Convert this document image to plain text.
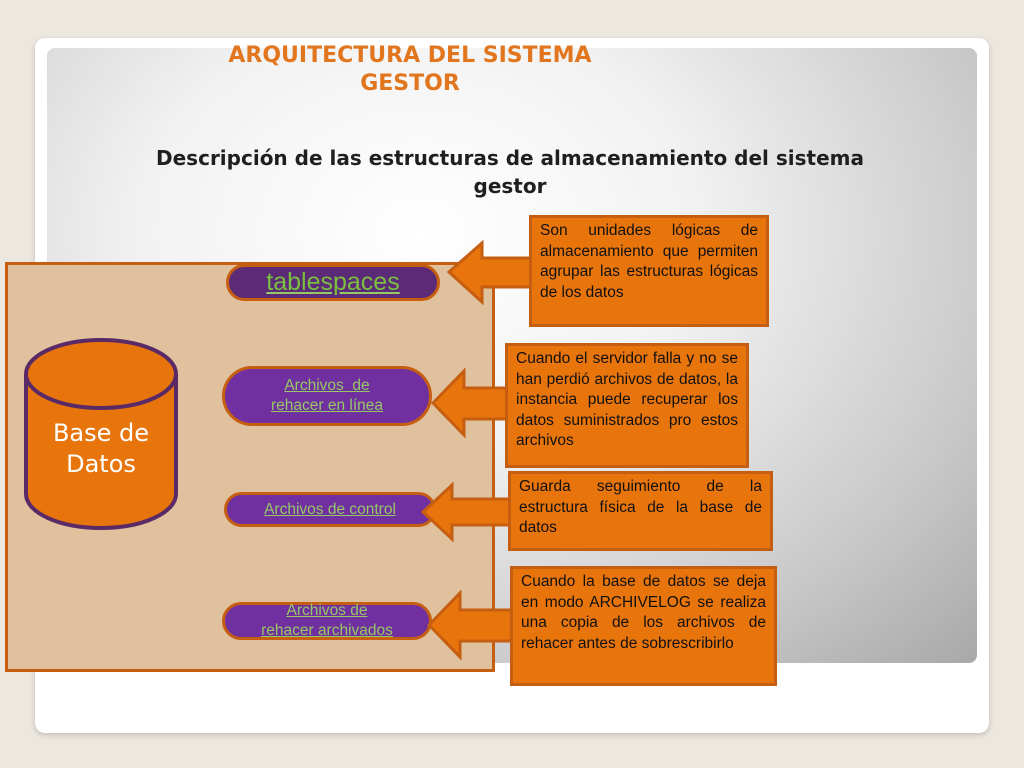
ARQUITECTURA DEL SISTEMA
GESTOR
Descripción de las estructuras de almacenamiento del sistema
gestor
Base de
Datos
tablespaces
Archivos  de
rehacer en línea
Archivos de control
Archivos de
rehacer archivados
Son unidades lógicas de almacenamiento que permiten agrupar las estructuras lógicas de los datos
Cuando el servidor falla y no se han perdió archivos de datos, la instancia puede recuperar los datos suministrados pro estos archivos
Guarda seguimiento de la estructura física de la base de datos
Cuando la base de datos se deja en modo ARCHIVELOG se realiza una copia de los archivos de rehacer antes de sobrescribirlo
